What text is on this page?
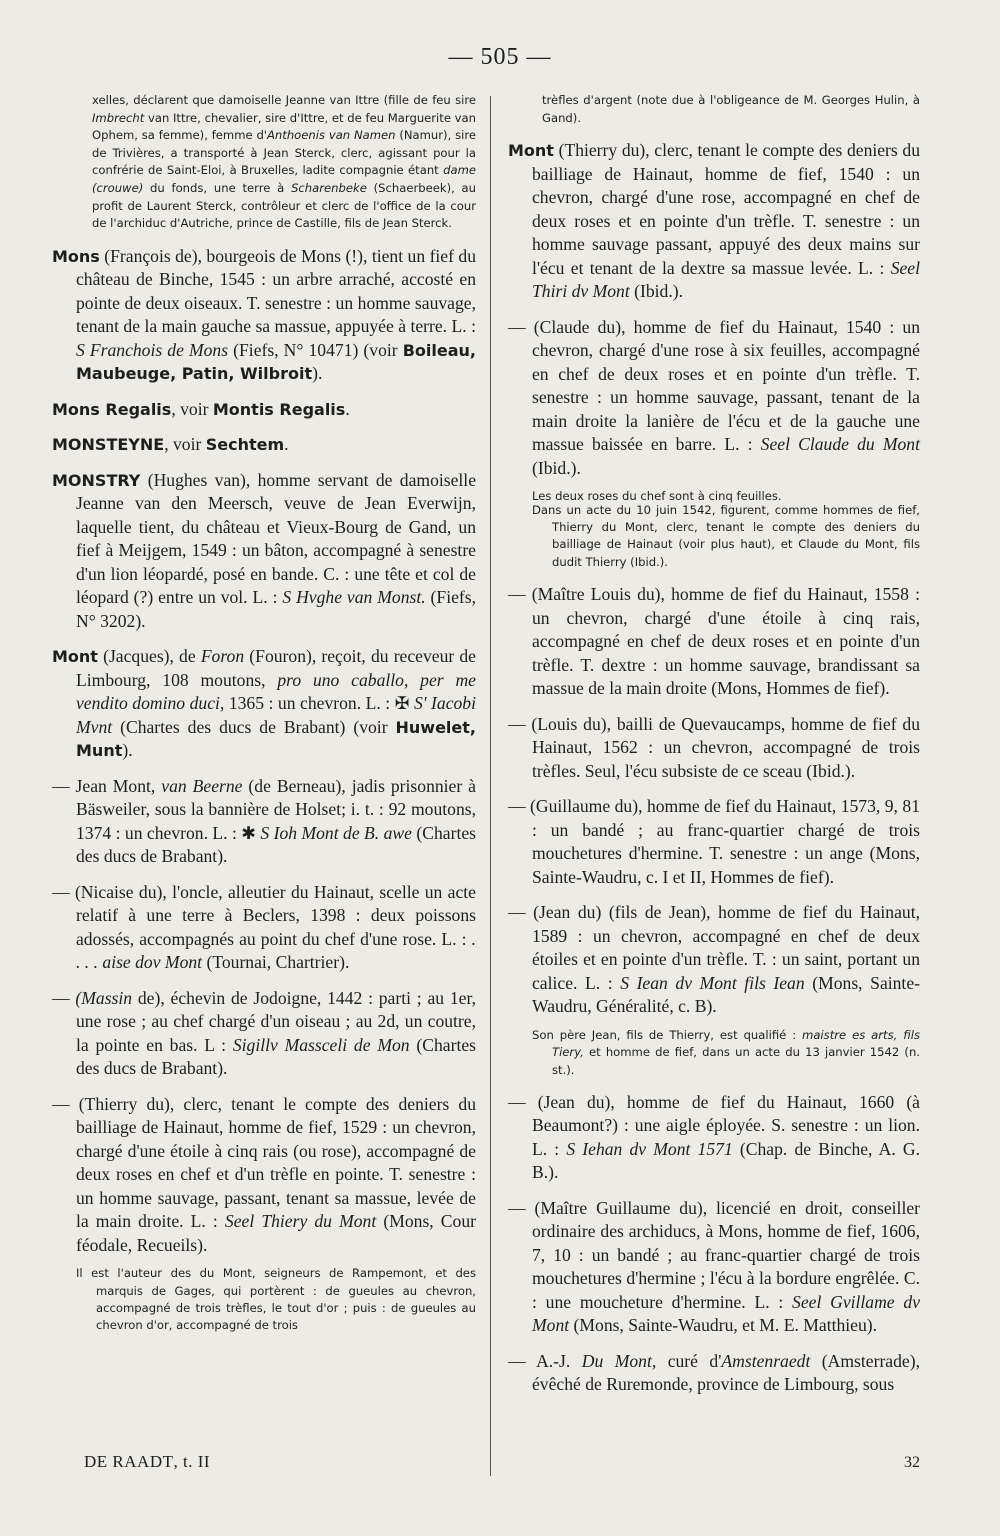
— 505 —

xelles, déclarent que damoiselle Jeanne van Ittre (fille de feu sire Imbrecht van Ittre, chevalier, sire d'Ittre, et de feu Marguerite van Ophem, sa femme), femme d'Anthoenis van Namen (Namur), sire de Trivières, a transporté à Jean Sterck, clerc, agissant pour la confrérie de Saint-Eloi, à Bruxelles, ladite compagnie étant dame (crouwe) du fonds, une terre à Scharenbeke (Schaerbeek), au profit de Laurent Sterck, contrôleur et clerc de l'office de la cour de l'archiduc d'Autriche, prince de Castille, fils de Jean Sterck.

Mons (François de), bourgeois de Mons (!), tient un fief du château de Binche, 1545 : un arbre arraché, accosté en pointe de deux oiseaux. T. senestre : un homme sauvage, tenant de la main gauche sa massue, appuyée à terre. L. : S Franchois de Mons (Fiefs, N° 10471) (voir Boileau, Maubeuge, Patin, Wilbroit).

Mons Regalis, voir Montis Regalis.

MONSTEYNE, voir Sechtem.

MONSTRY (Hughes van), homme servant de damoiselle Jeanne van den Meersch, veuve de Jean Everwijn, laquelle tient, du château et Vieux-Bourg de Gand, un fief à Meijgem, 1549 : un bâton, accompagné à senestre d'un lion léopardé, posé en bande. C. : une tête et col de léopard (?) entre un vol. L. : S Hvghe van Monst. (Fiefs, N° 3202).

Mont (Jacques), de Foron (Fouron), reçoit, du receveur de Limbourg, 108 moutons, pro uno caballo, per me vendito domino duci, 1365 : un chevron. L. : ✠ S' Iacobi Mvnt (Chartes des ducs de Brabant) (voir Huwelet, Munt).

— Jean Mont, van Beerne (de Berneau), jadis prisonnier à Bäsweiler, sous la bannière de Holset; i. t. : 92 moutons, 1374 : un chevron. L. : ✱ S Ioh Mont de B. awe (Chartes des ducs de Brabant).

— (Nicaise du), l'oncle, alleutier du Hainaut, scelle un acte relatif à une terre à Beclers, 1398 : deux poissons adossés, accompagnés au point du chef d'une rose. L. : . . . . aise dov Mont (Tournai, Chartrier).

— (Massin de), échevin de Jodoigne, 1442 : parti ; au 1er, une rose ; au chef chargé d'un oiseau ; au 2d, un coutre, la pointe en bas. L : Sigillv Massceli de Mon (Chartes des ducs de Brabant).

— (Thierry du), clerc, tenant le compte des deniers du bailliage de Hainaut, homme de fief, 1529 : un chevron, chargé d'une étoile à cinq rais (ou rose), accompagné de deux roses en chef et d'un trèfle en pointe. T. senestre : un homme sauvage, passant, tenant sa massue, levée de la main droite. L. : Seel Thiery du Mont (Mons, Cour féodale, Recueils).

Il est l'auteur des du Mont, seigneurs de Rampemont, et des marquis de Gages, qui portèrent : de gueules au chevron, accompagné de trois trèfles, le tout d'or ; puis : de gueules au chevron d'or, accompagné de trois

trèfles d'argent (note due à l'obligeance de M. Georges Hulin, à Gand).

Mont (Thierry du), clerc, tenant le compte des deniers du bailliage de Hainaut, homme de fief, 1540 : un chevron, chargé d'une rose, accompagné en chef de deux roses et en pointe d'un trèfle. T. senestre : un homme sauvage passant, appuyé des deux mains sur l'écu et tenant de la dextre sa massue levée. L. : Seel Thiri dv Mont (Ibid.).

— (Claude du), homme de fief du Hainaut, 1540 : un chevron, chargé d'une rose à six feuilles, accompagné en chef de deux roses et en pointe d'un trèfle. T. senestre : un homme sauvage, passant, tenant de la main droite la lanière de l'écu et de la gauche une massue baissée en barre. L. : Seel Claude du Mont (Ibid.).

Les deux roses du chef sont à cinq feuilles.

Dans un acte du 10 juin 1542, figurent, comme hommes de fief, Thierry du Mont, clerc, tenant le compte des deniers du bailliage de Hainaut (voir plus haut), et Claude du Mont, fils dudit Thierry (Ibid.).

— (Maître Louis du), homme de fief du Hainaut, 1558 : un chevron, chargé d'une étoile à cinq rais, accompagné en chef de deux roses et en pointe d'un trèfle. T. dextre : un homme sauvage, brandissant sa massue de la main droite (Mons, Hommes de fief).

— (Louis du), bailli de Quevaucamps, homme de fief du Hainaut, 1562 : un chevron, accompagné de trois trèfles. Seul, l'écu subsiste de ce sceau (Ibid.).

— (Guillaume du), homme de fief du Hainaut, 1573, 9, 81 : un bandé ; au franc-quartier chargé de trois mouchetures d'hermine. T. senestre : un ange (Mons, Sainte-Waudru, c. I et II, Hommes de fief).

— (Jean du) (fils de Jean), homme de fief du Hainaut, 1589 : un chevron, accompagné en chef de deux étoiles et en pointe d'un trèfle. T. : un saint, portant un calice. L. : S Iean dv Mont fils Iean (Mons, Sainte-Waudru, Généralité, c. B).

Son père Jean, fils de Thierry, est qualifié : maistre es arts, fils Tiery, et homme de fief, dans un acte du 13 janvier 1542 (n. st.).

— (Jean du), homme de fief du Hainaut, 1660 (à Beaumont?) : une aigle éployée. S. senestre : un lion. L. : S Iehan dv Mont 1571 (Chap. de Binche, A. G. B.).

— (Maître Guillaume du), licencié en droit, conseiller ordinaire des archiducs, à Mons, homme de fief, 1606, 7, 10 : un bandé ; au franc-quartier chargé de trois mouchetures d'hermine ; l'écu à la bordure engrêlée. C. : une moucheture d'hermine. L. : Seel Gvillame dv Mont (Mons, Sainte-Waudru, et M. E. Matthieu).

— A.-J. Du Mont, curé d'Amstenraedt (Amsterrade), évêché de Ruremonde, province de Limbourg, sous

DE RAADT, t. II	32
